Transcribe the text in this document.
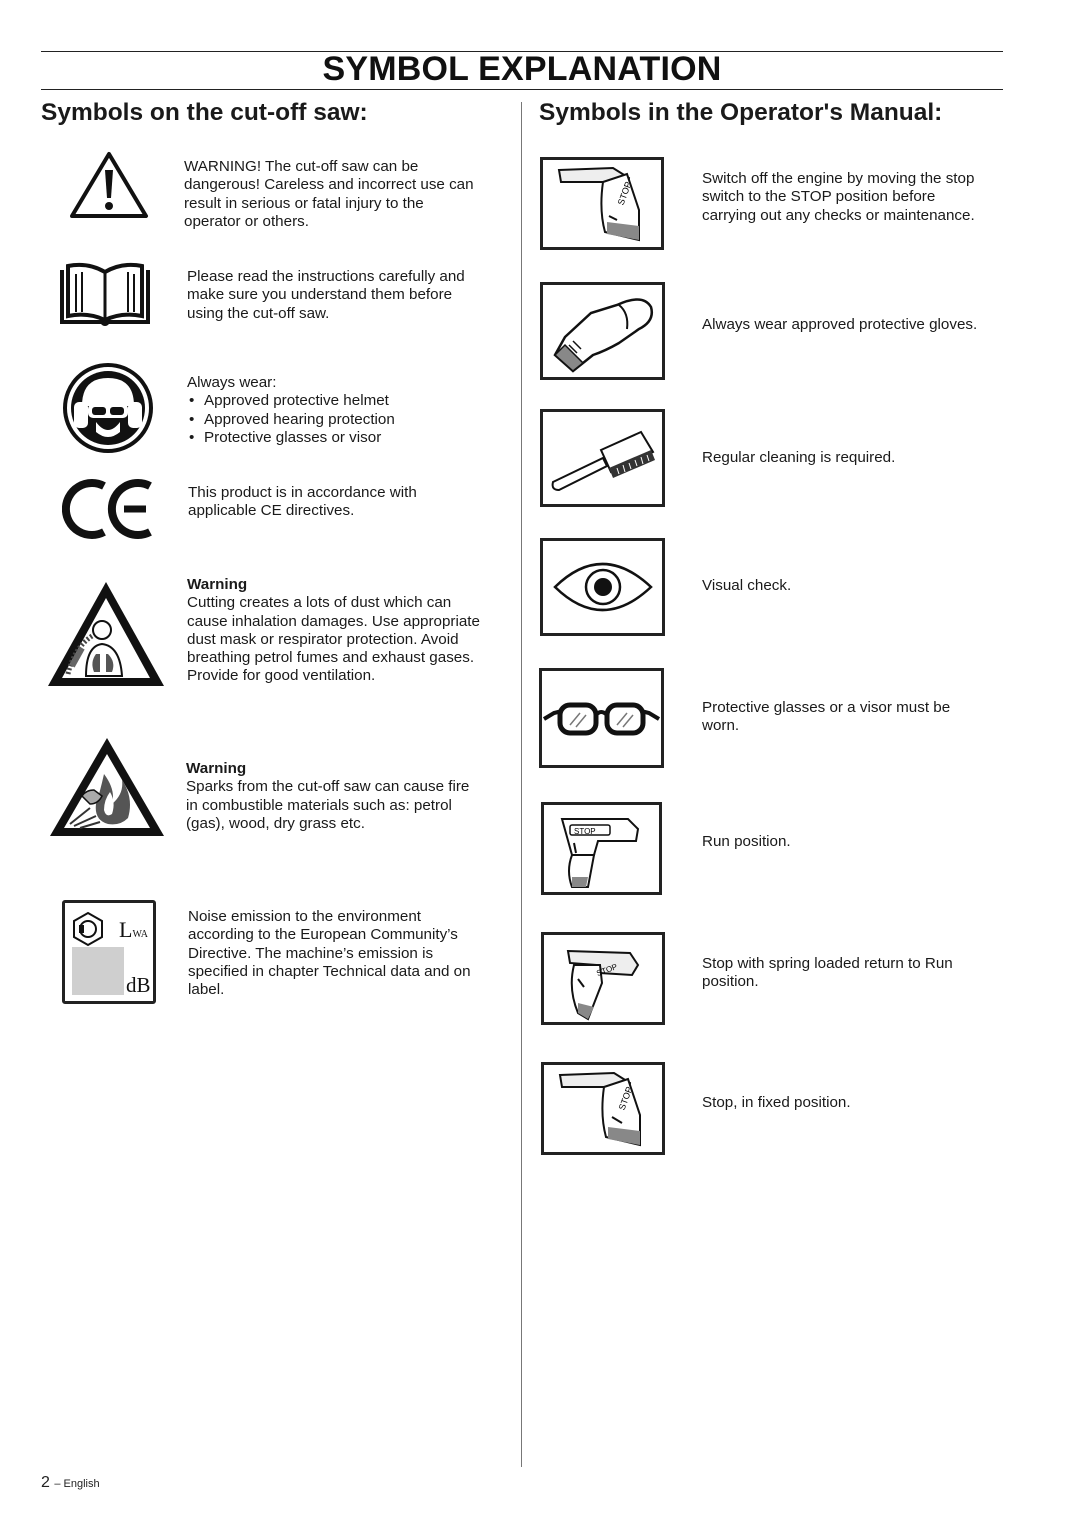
SYMBOL EXPLANATION
Symbols on the cut-off saw:	Symbols in the Operator's Manual:
WARNING! The cut-off saw can be
dangerous! Careless and incorrect use can
result in serious or fatal injury to the
operator or others.
Please read the instructions carefully and
make sure you understand them before
using the cut-off saw.
Always wear:
• Approved protective helmet
• Approved hearing protection
• Protective glasses or visor
This product is in accordance with
applicable CE directives.
Warning
Cutting creates a lots of dust which can
cause inhalation damages. Use appropriate
dust mask or respirator protection. Avoid
breathing petrol fumes and exhaust gases.
Provide for good ventilation.
Warning
Sparks from the cut-off saw can cause fire
in combustible materials such as: petrol
(gas), wood, dry grass etc.
LWA
dB
Noise emission to the environment
according to the European Community’s
Directive. The machine’s emission is
specified in chapter Technical data and on
label.
STOP
Switch off the engine by moving the stop
switch to the STOP position before
carrying out any checks or maintenance.
Always wear approved protective gloves.
Regular cleaning is required.
Visual check.
Protective glasses or a visor must be
worn.
STOP
Run position.
STOP	Stop with spring loaded return to Run
position.
STOP	Stop, in fixed position.
2 – English
